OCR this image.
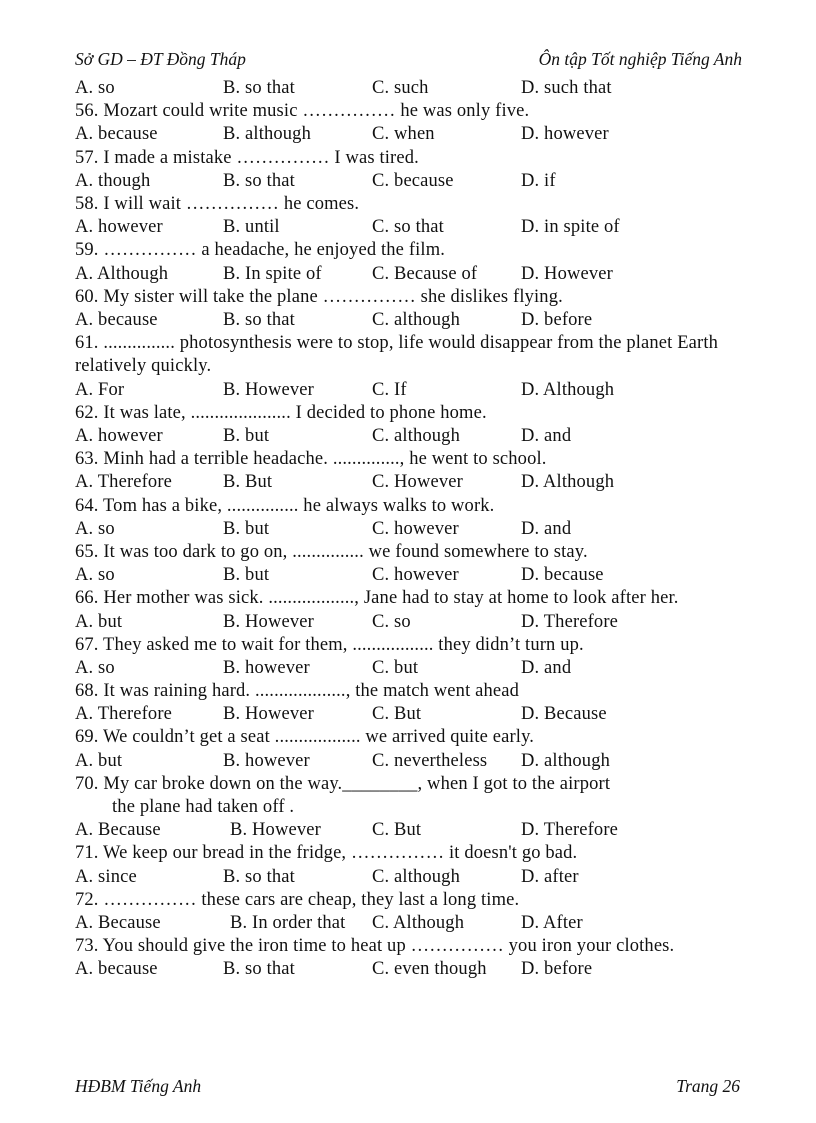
Sở GD – ĐT Đồng Tháp	Ôn tập Tốt nghiệp Tiếng Anh
A. so	B. so that	C. such	D. such that
56. Mozart could write music …………… he was only five.
A. because	B. although	C. when	D. however
57. I made a mistake …………… I was tired.
A. though	B. so that	C. because	D. if
58. I will wait …………… he comes.
A. however	B. until	C. so that	D. in spite of
59. …………… a headache, he enjoyed the film.
A. Although	B. In spite of	C. Because of D. However
60. My sister will take the plane …………… she dislikes flying.
A. because	B. so that	C. although	D. before
61. ............... photosynthesis were to stop, life would disappear from the planet Earth relatively quickly.
A. For	B. However	C. If	D. Although
62. It was late, ..................... I decided to phone home.
A. however	B. but	C. although	D. and
63. Minh had a terrible headache. .............., he went to school.
A. Therefore	B. But	C. However	D. Although
64. Tom has a bike, ............... he always walks to work.
A. so	B. but	C. however	D. and
65. It was too dark to go on, ............... we found somewhere to stay.
A. so	B. but	C. however	D. because
66. Her mother was sick. .................., Jane had to stay at home to look after her.
A. but	B. However	C. so	D. Therefore
67. They asked me to wait for them, ................. they didn’t turn up.
A. so	B. however	C. but	D. and
68. It was raining hard. ..................., the match went ahead
A. Therefore	B. However	C. But	D. Because
69. We couldn’t get a seat .................. we arrived quite early.
A. but	B. however	C. nevertheless D. although
70. My car broke down on the way.________, when I got to the airport
the plane had taken off .
A. Because	B. However	C. But	D. Therefore
71. We keep our bread in the fridge, …………… it doesn't go bad.
A. since	B. so that	C. although	D. after
72. …………… these cars are cheap, they last a long time.
A. Because	B. In order that C. Although	D. After
73. You should give the iron time to heat up …………… you iron your clothes.
A. because	B. so that	C. even though D. before
HĐBM Tiếng Anh	Trang 26
